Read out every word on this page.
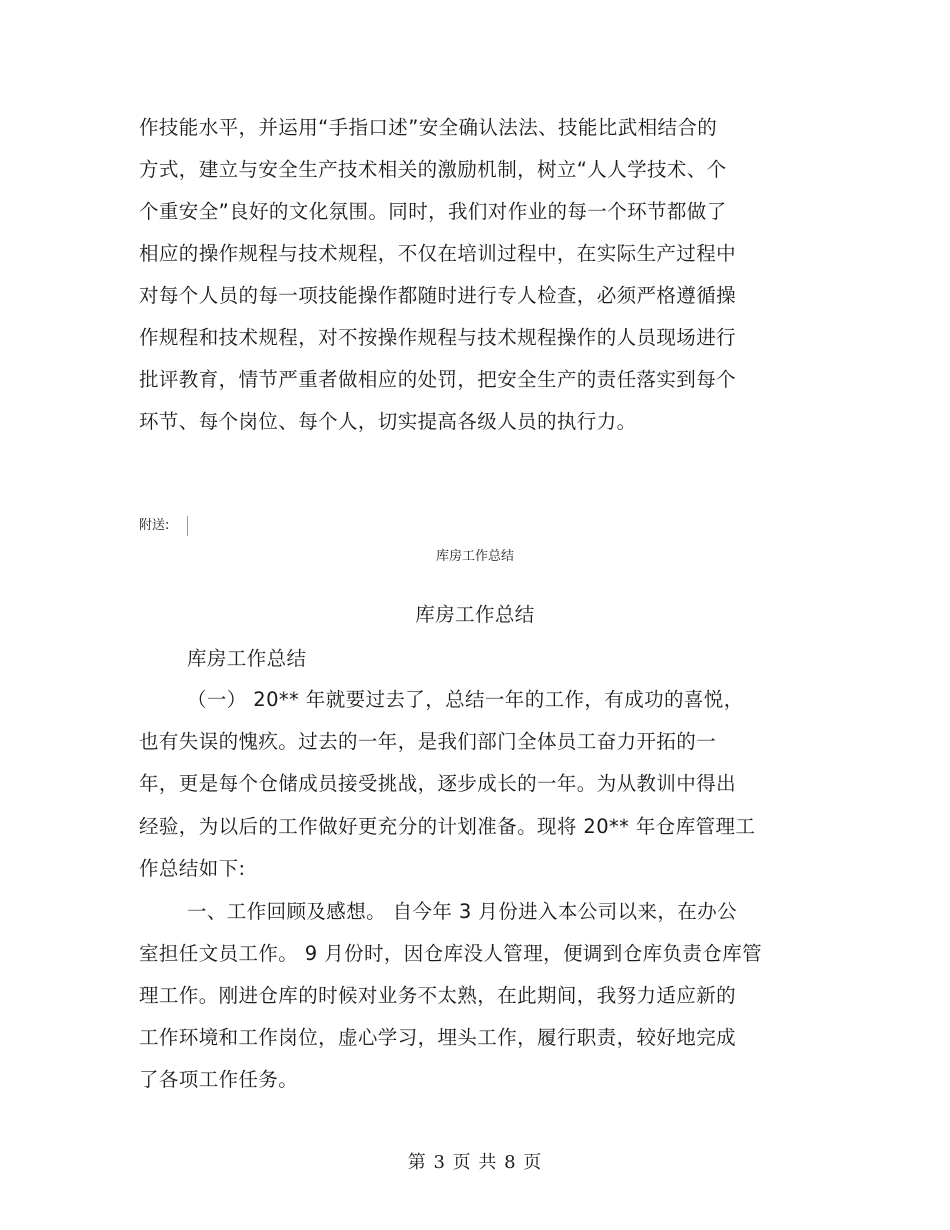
作技能水平，并运用“手指口述”安全确认法法、技能比武相结合的
方式，建立与安全生产技术相关的激励机制，树立“人人学技术、个
个重安全”良好的文化氛围。同时，我们对作业的每一个环节都做了
相应的操作规程与技术规程，不仅在培训过程中，在实际生产过程中
对每个人员的每一项技能操作都随时进行专人检查，必须严格遵循操
作规程和技术规程，对不按操作规程与技术规程操作的人员现场进行
批评教育，情节严重者做相应的处罚，把安全生产的责任落实到每个
环节、每个岗位、每个人，切实提高各级人员的执行力。
附送:
库房工作总结
库房工作总结
库房工作总结
（一） 20** 年就要过去了，总结一年的工作，有成功的喜悦，
也有失误的愧疚。过去的一年，是我们部门全体员工奋力开拓的一
年，更是每个仓储成员接受挑战，逐步成长的一年。为从教训中得出
经验，为以后的工作做好更充分的计划准备。现将 20** 年仓库管理工
作总结如下:
一、工作回顾及感想。 自今年 3 月份进入本公司以来，在办公
室担任文员工作。 9 月份时，因仓库没人管理，便调到仓库负责仓库管
理工作。刚进仓库的时候对业务不太熟，在此期间，我努力适应新的
工作环境和工作岗位，虚心学习，埋头工作，履行职责，较好地完成
了各项工作任务。
第 3 页 共 8 页
